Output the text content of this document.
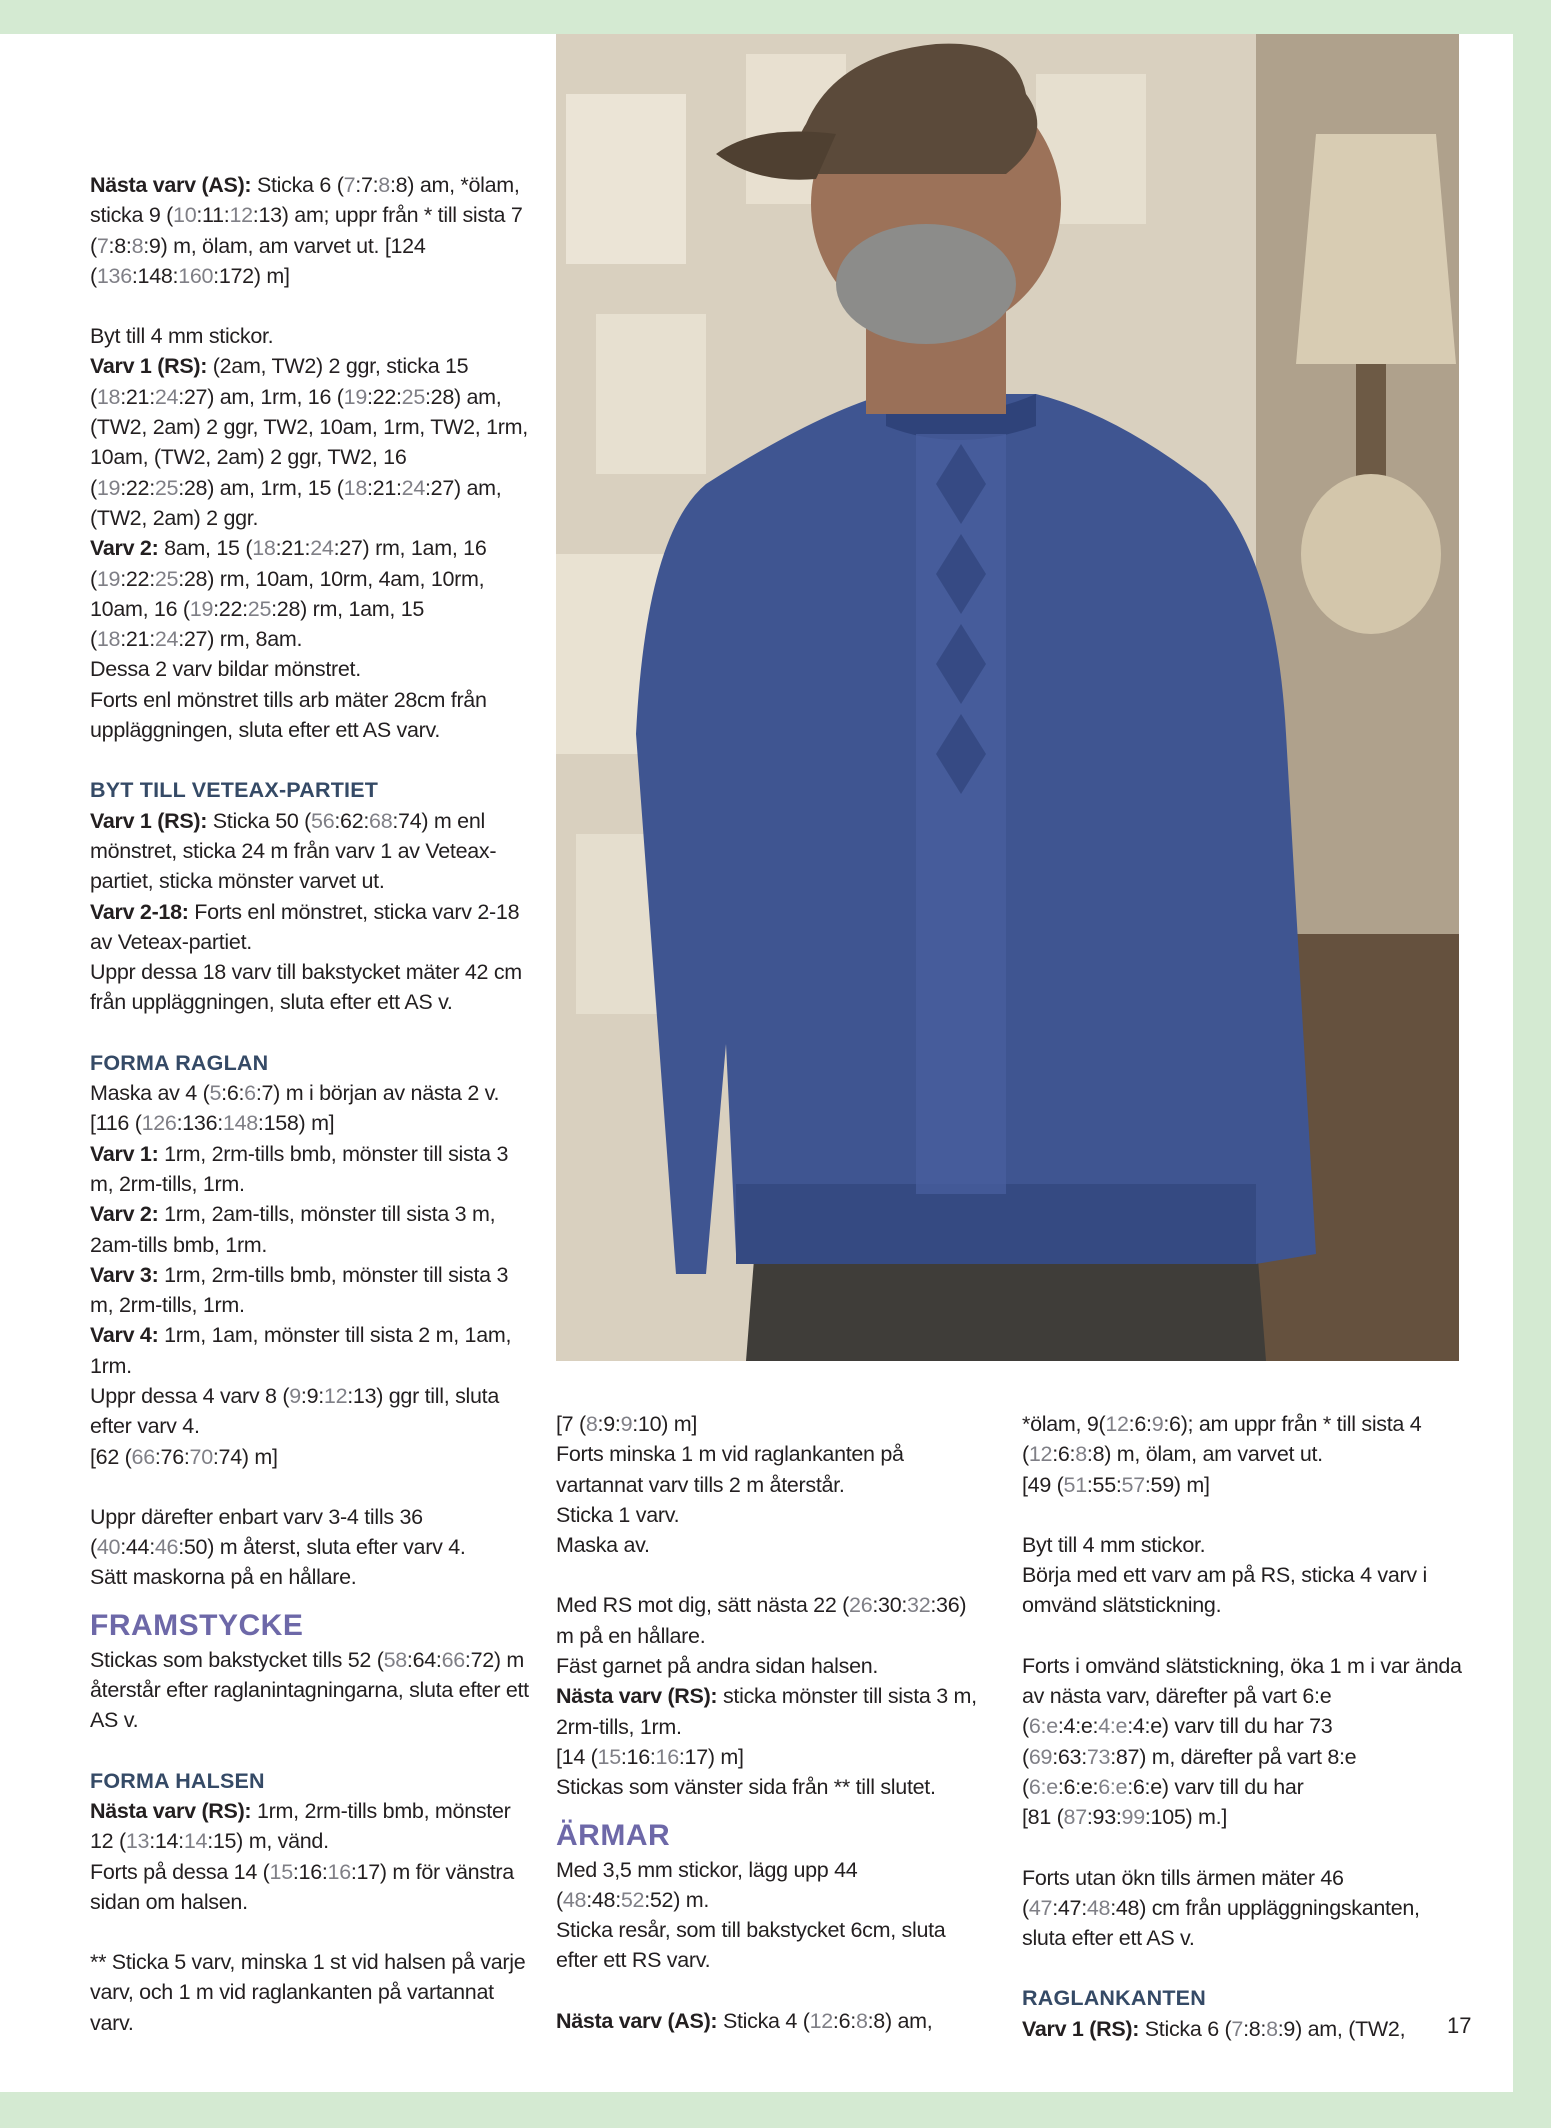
Nästa varv (AS): Sticka 6 (7:7:8:8) am, *ölam, sticka 9 (10:11:12:13) am; uppr från * till sista 7 (7:8:8:9) m, ölam, am varvet ut. [124 (136:148:160:172) m]

Byt till 4 mm stickor.
Varv 1 (RS): (2am, TW2) 2 ggr, sticka 15 (18:21:24:27) am, 1rm, 16 (19:22:25:28) am, (TW2, 2am) 2 ggr, TW2, 10am, 1rm, TW2, 1rm, 10am, (TW2, 2am) 2 ggr, TW2, 16 (19:22:25:28) am, 1rm, 15 (18:21:24:27) am, (TW2, 2am) 2 ggr.
Varv 2: 8am, 15 (18:21:24:27) rm, 1am, 16 (19:22:25:28) rm, 10am, 10rm, 4am, 10rm, 10am, 16 (19:22:25:28) rm, 1am, 15 (18:21:24:27) rm, 8am.
Dessa 2 varv bildar mönstret.
Forts enl mönstret tills arb mäter 28cm från uppläggningen, sluta efter ett AS varv.

BYT TILL VETEAX-PARTIET

Varv 1 (RS): Sticka 50 (56:62:68:74) m enl mönstret, sticka 24 m från varv 1 av Veteax-partiet, sticka mönster varvet ut.
Varv 2-18: Forts enl mönstret, sticka varv 2-18 av Veteax-partiet.
Uppr dessa 18 varv till bakstycket mäter 42 cm från uppläggningen, sluta efter ett AS v.

FORMA RAGLAN

Maska av 4 (5:6:6:7) m i början av nästa 2 v.
[116 (126:136:148:158) m]
Varv 1: 1rm, 2rm-tills bmb, mönster till sista 3 m, 2rm-tills, 1rm.
Varv 2: 1rm, 2am-tills, mönster till sista 3 m, 2am-tills bmb, 1rm.
Varv 3: 1rm, 2rm-tills bmb, mönster till sista 3 m, 2rm-tills, 1rm.
Varv 4: 1rm, 1am, mönster till sista 2 m, 1am, 1rm.
Uppr dessa 4 varv 8 (9:9:12:13) ggr till, sluta efter varv 4.
[62 (66:76:70:74) m]

Uppr därefter enbart varv 3-4 tills 36 (40:44:46:50) m återst, sluta efter varv 4.
Sätt maskorna på en hållare.

FRAMSTYCKE

Stickas som bakstycket tills 52 (58:64:66:72) m återstår efter raglanintagningarna, sluta efter ett AS v.

FORMA HALSEN

Nästa varv (RS): 1rm, 2rm-tills bmb, mönster 12 (13:14:14:15) m, vänd.
Forts på dessa 14 (15:16:16:17) m för vänstra sidan om halsen.

** Sticka 5 varv, minska 1 st vid halsen på varje varv, och 1 m vid raglankanten på vartannat varv.

[7 (8:9:9:10) m]
Forts minska 1 m vid raglankanten på vartannat varv tills 2 m återstår.
Sticka 1 varv.
Maska av.

Med RS mot dig, sätt nästa 22 (26:30:32:36) m på en hållare.
Fäst garnet på andra sidan halsen.
Nästa varv (RS): sticka mönster till sista 3 m, 2rm-tills, 1rm.
[14 (15:16:16:17) m]
Stickas som vänster sida från ** till slutet.

ÄRMAR

Med 3,5 mm stickor, lägg upp 44 (48:48:52:52) m.
Sticka resår, som till bakstycket 6cm, sluta efter ett RS varv.

Nästa varv (AS): Sticka 4 (12:6:8:8) am,

*ölam, 9(12:6:9:6); am uppr från * till sista 4 (12:6:8:8) m, ölam, am varvet ut.
[49 (51:55:57:59) m]

Byt till 4 mm stickor.
Börja med ett varv am på RS, sticka 4 varv i omvänd slätstickning.

Forts i omvänd slätstickning, öka 1 m i var ända av nästa varv, därefter på vart 6:e (6:e:4:e:4:e:4:e) varv till du har 73 (69:63:73:87) m, därefter på vart 8:e (6:e:6:e:6:e:6:e) varv till du har
[81 (87:93:99:105) m.]

Forts utan ökn tills ärmen mäter 46 (47:47:48:48) cm från uppläggningskanten, sluta efter ett AS v.

RAGLANKANTEN

Varv 1 (RS): Sticka 6 (7:8:8:9) am, (TW2,	17
